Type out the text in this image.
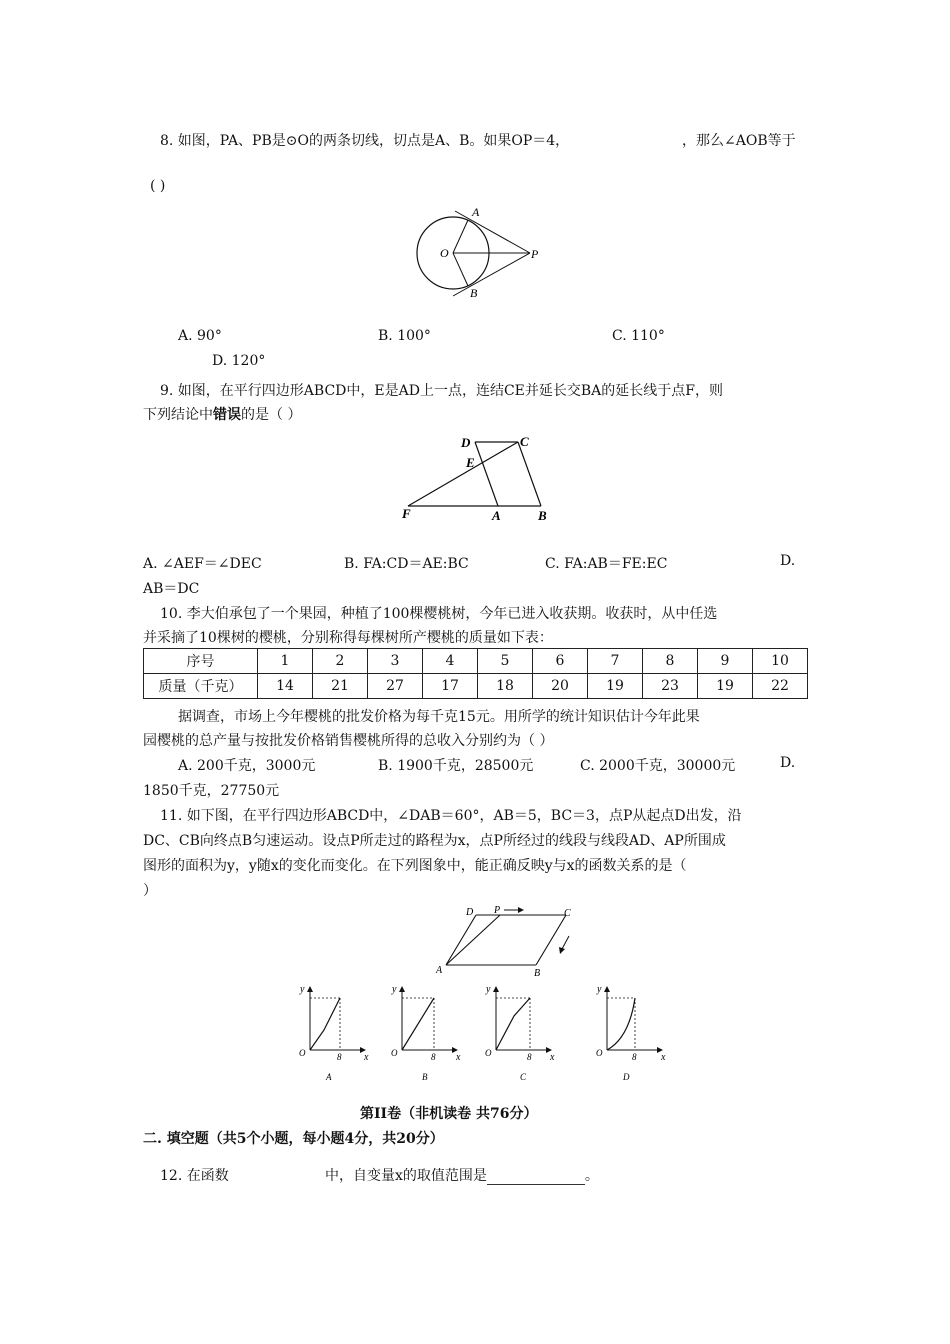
8. 如图，PA、PB是⊙O的两条切线，切点是A、B。如果OP＝4，	，那么∠AOB等于
( )
O
A
B
P
A. 90°	B. 100°	C. 110°
D. 120°
9. 如图，在平行四边形ABCD中，E是AD上一点，连结CE并延长交BA的延长线于点F，则
下列结论中错误的是（ ）
D	C
E
F	A	B
A. ∠AEF＝∠DEC	B. FA:CD＝AE:BC	C. FA:AB＝FE:EC	D.
AB＝DC
10. 李大伯承包了一个果园，种植了100棵樱桃树，今年已进入收获期。收获时，从中任选
并采摘了10棵树的樱桃，分别称得每棵树所产樱桃的质量如下表：
序号	1	2	3	4	5	6	7	8	9	10
质量（千克）	14	21	27	17	18	20	19	23	19	22
据调查，市场上今年樱桃的批发价格为每千克15元。用所学的统计知识估计今年此果
园樱桃的总产量与按批发价格销售樱桃所得的总收入分别约为（ ）
A. 200千克，3000元	B. 1900千克，28500元	C. 2000千克，30000元	D.
1850千克，27750元
11. 如下图，在平行四边形ABCD中，∠DAB＝60°，AB＝5，BC＝3，点P从起点D出发，沿
DC、CB向终点B匀速运动。设点P所走过的路程为x，点P所经过的线段与线段AD、AP所围成
图形的面积为y，y随x的变化而变化。在下列图象中，能正确反映y与x的函数关系的是（
）
D P	C
A	B
y
O	8 x
A
y
O	8 x
B
y
O	8 x
C
y
O	8 x
D
第II卷（非机读卷 共76分）
二. 填空题（共5个小题，每小题4分，共20分）
12. 在函数	中，自变量x的取值范围是	。
